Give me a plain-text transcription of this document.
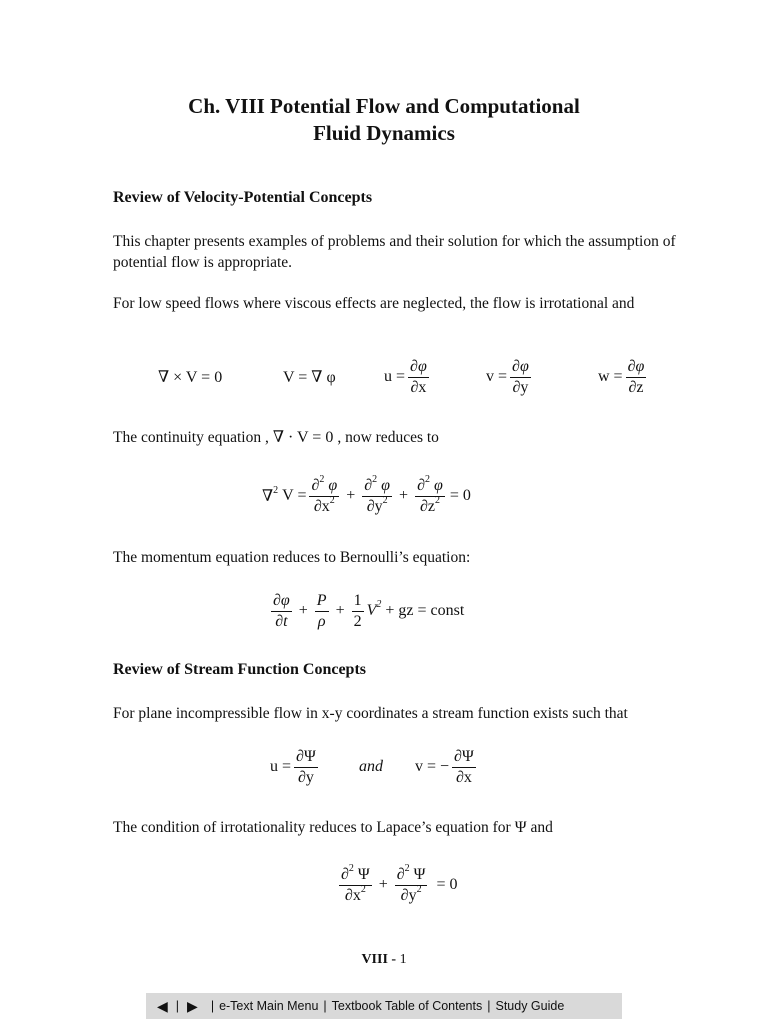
Ch. VIII Potential Flow and Computational
Fluid Dynamics
Review of Velocity-Potential Concepts
This chapter presents examples of problems and their solution for which the assumption of potential flow is appropriate.
For low speed flows where viscous effects are neglected, the flow is irrotational and
∇ × V = 0	V = ∇ φ	$u = \frac{\partial\varphi}{\partial x}$	$v = \frac{\partial\varphi}{\partial y}$	$w = \frac{\partial\varphi}{\partial z}$
The continuity equation , ∇ · V = 0 , now reduces to
∇$^2$ $V = \frac{\partial^2 \varphi}{\partial x^2} + \frac{\partial^2 \varphi}{\partial y^2} + \frac{\partial^2 \varphi}{\partial z^2} = 0$
The momentum equation reduces to Bernoulli’s equation:
$\frac{\partial\varphi}{\partial t} + \frac{P}{\rho} + \frac{1}{2} V^2$ + gz = const
Review of Stream Function Concepts
For plane incompressible flow in x-y coordinates a stream function exists such that
$u = \frac{\partial\Psi}{\partial y}$	and v = − $\frac{\partial\Psi}{\partial x}$
The condition of irrotationality reduces to Lapace’s equation for Ψ and
$\frac{\partial^2 \Psi}{\partial x^2} + \frac{\partial^2 \Psi}{\partial y^2} = 0$
VIII - 1
◀ | ▶	| e-Text Main Menu | Textbook Table of Contents | Study Guide
